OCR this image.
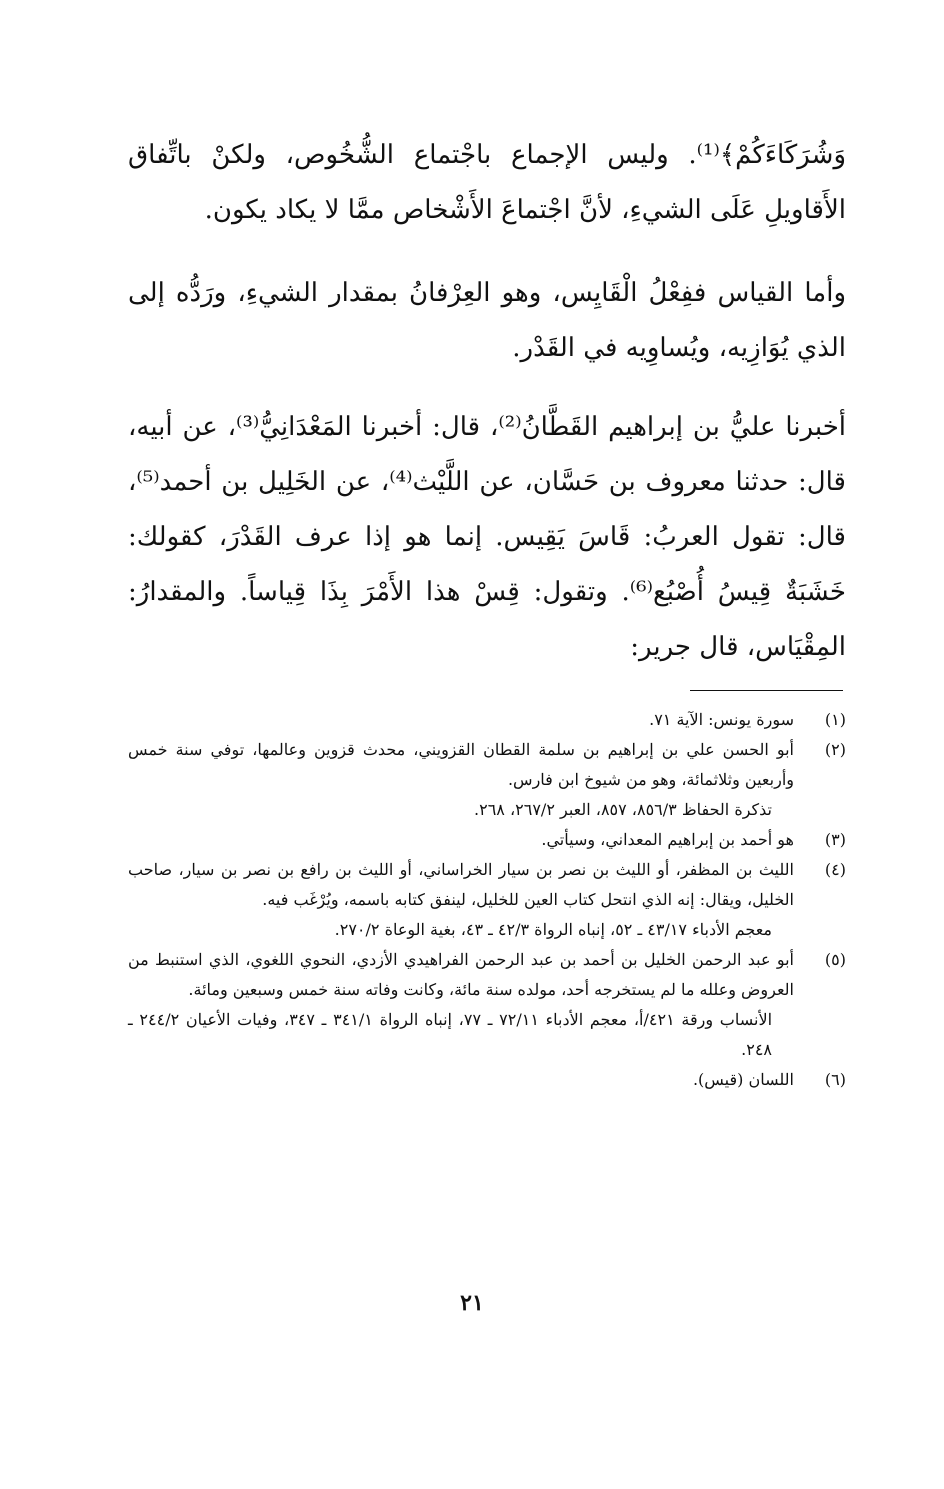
وَشُرَكَاءَكُمْ﴾⁽¹⁾. وليس الإجماع باجْتماع الشُّخُوص، ولكنْ باتِّفاق الأَقاويلِ عَلَى الشيءِ، لأنَّ اجْتماعَ الأَشْخاص ممَّا لا يكاد يكون.

وأما القياس ففِعْلُ الْقَايِس، وهو العِرْفانُ بمقدار الشيءِ، ورَدُّه إلى الذي يُوَازِيه، ويُساوِيه في القَدْر.

أخبرنا عليُّ بن إبراهيم القَطَّانُ⁽²⁾، قال: أخبرنا المَعْدَانِيُّ⁽³⁾، عن أبيه، قال: حدثنا معروف بن حَسَّان، عن اللَّيْث⁽⁴⁾، عن الخَلِيل بن أحمد⁽⁵⁾، قال: تقول العربُ: قَاسَ يَقِيس. إنما هو إذا عرف القَدْرَ، كقولك: خَشَبَةٌ قِيسُ أُصْبُع⁽⁶⁾. وتقول: قِسْ هذا الأَمْرَ بِذَا قِياساً. والمقدارُ: المِقْيَاس، قال جرير:

(١)
سورة يونس: الآية ٧١.
(٢)
أبو الحسن علي بن إبراهيم بن سلمة القطان القزويني، محدث قزوين وعالمها، توفي سنة خمس وأربعين وثلاثمائة، وهو من شيوخ ابن فارس.
تذكرة الحفاظ ٨٥٦/٣، ٨٥٧، العبر ٢٦٧/٢، ٢٦٨.
(٣)
هو أحمد بن إبراهيم المعداني، وسيأتي.
(٤)
الليث بن المظفر، أو الليث بن نصر بن سيار الخراساني، أو الليث بن رافع بن نصر بن سيار، صاحب الخليل، ويقال: إنه الذي انتحل كتاب العين للخليل، لينفق كتابه باسمه، ويُرْغَب فيه.
معجم الأدباء ٤٣/١٧ ـ ٥٢، إنباه الرواة ٤٢/٣ ـ ٤٣، بغية الوعاة ٢٧٠/٢.
(٥)
أبو عبد الرحمن الخليل بن أحمد بن عبد الرحمن الفراهيدي الأزدي، النحوي اللغوي، الذي استنبط من العروض وعلله ما لم يستخرجه أحد، مولده سنة مائة، وكانت وفاته سنة خمس وسبعين ومائة.
الأنساب ورقة ٤٢١/أ، معجم الأدباء ٧٢/١١ ـ ٧٧، إنباه الرواة ٣٤١/١ ـ ٣٤٧، وفيات الأعيان ٢٤٤/٢ ـ ٢٤٨.
(٦)
اللسان (قيس).
٢١
